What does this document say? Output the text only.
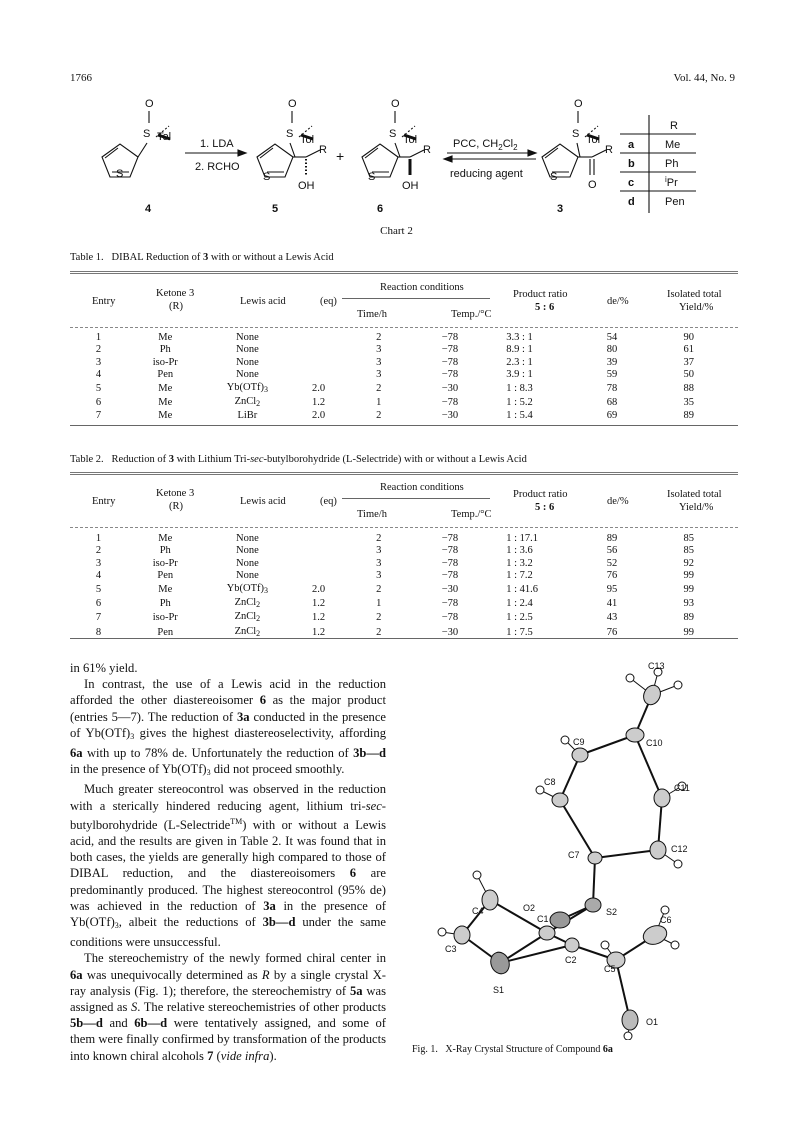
1766	Vol. 44, No. 9
O
S Tol
S
1. LDA
2. RCHO
O
S Tol
R
S
OH
+
O
S Tol
R
S
OH
PCC, $CH_2Cl_2$
reducing agent
O
S Tol
R
S
O
R
a	Me
b	Ph
c	$^i$Pr
d	Pen
4	5	6	3
Chart 2
Table 1.   DIBAL Reduction of 3 with or without a Lewis Acid
Entry
Ketone 3
(R)	Lewis acid	(eq)
Reaction conditions
Time/h	Temp./°C
Product ratio
5 : 6
de/%
Isolated total
Yield/%
1	Me	None		2	−78	3.3 : 1	54	90
2	Ph	None		3	−78	8.9 : 1	80	61
3	iso-Pr	None		3	−78	2.3 : 1	39	37
4	Pen	None		3	−78	3.9 : 1	59	50
5	Me	$Yb(OTf)_3$	2.0	2	−30	1 : 8.3	78	88
6	Me	ZnCl$_2$	1.2	1	−78	1 : 5.2	68	35
7	Me	LiBr	2.0	2	−30	1 : 5.4	69	89
Table 2.   Reduction of 3 with Lithium Tri-sec-butylborohydride (L-Selectride) with or without a Lewis Acid
Entry
Ketone 3
(R)	Lewis acid	(eq)
Reaction conditions
Time/h	Temp./°C
Product ratio
5 : 6
de/%
Isolated total
Yield/%
1	Me	None		2	−78	1 : 17.1	89	85
2	Ph	None		3	−78	1 : 3.6	56	85
3	iso-Pr	None		3	−78	1 : 3.2	52	92
4	Pen	None		3	−78	1 : 7.2	76	99
5	Me	$Yb(OTf)_3$	2.0	2	−30	1 : 41.6	95	99
6	Ph	ZnCl$_2$	1.2	1	−78	1 : 2.4	41	93
7	iso-Pr	ZnCl$_2$	1.2	2	−78	1 : 2.5	43	89
8	Pen	ZnCl$_2$	1.2	2	−30	1 : 7.5	76	99

in 61% yield.

In contrast, the use of a Lewis acid in the reduction afforded the other diastereoisomer 6 as the major product (entries 5—7). The reduction of 3a conducted in the presence of $Yb(OTf)_3$ gives the highest diastereoselectivity, affording 6a with up to 78% de. Unfortunately the reduction of 3b—d in the presence of $Yb(OTf)_3$ did not proceed smoothly.

Much greater stereocontrol was observed in the reduction with a sterically hindered reducing agent, lithium tri-sec-butylborohydride (L-Selectride™) with or without a Lewis acid, and the results are given in Table 2. It was found that in both cases, the yields are generally high compared to those of DIBAL reduction, and the diastereoisomers 6 are predominantly produced. The highest stereocontrol (95% de) was achieved in the reduction of 3a in the presence of $Yb(OTf)_3$, albeit the reductions of 3b—d under the same conditions were unsuccessful.

The stereochemistry of the newly formed chiral center in 6a was unequivocally determined as R by a single crystal X-ray analysis (Fig. 1); therefore, the stereochemistry of 5a was assigned as S. The relative stereochemistries of other products 5b—d and 6b—d were tentatively assigned, and some of them were finally confirmed by transformation of the products into known chiral alcohols 7 (vide infra).

C13
C9	C10
C11
C8
C12
C7
O2	S2
C4
C1	C6
C3
C2
C5
S1
O1
Fig. 1.   X-Ray Crystal Structure of Compound 6a
